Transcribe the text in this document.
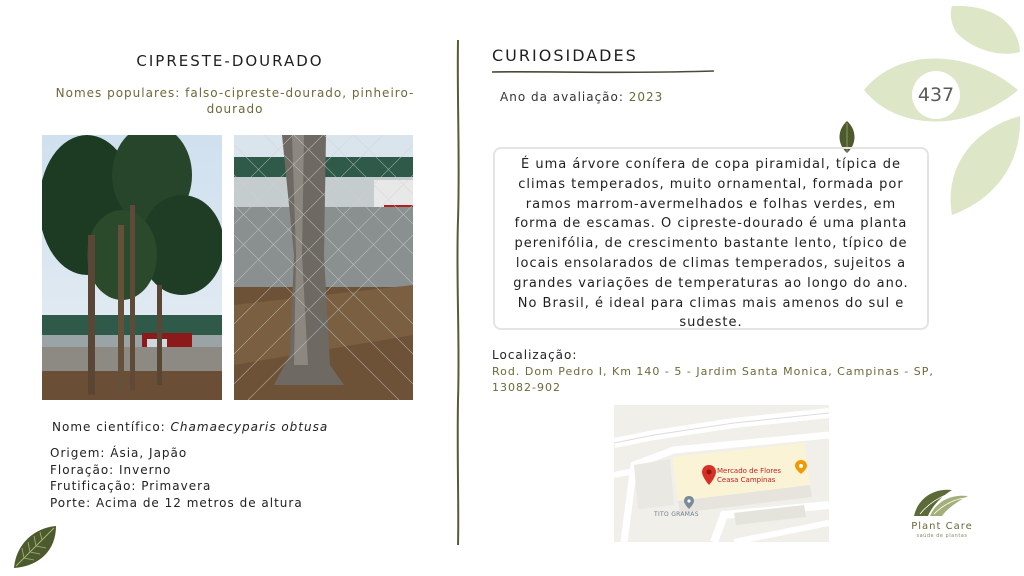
CIPRESTE-DOURADO
Nomes populares: falso-cipreste-dourado, pinheiro-dourado
Nome científico: Chamaecyparis obtusa
Origem: Ásia, Japão
Floração: Inverno
Frutificação: Primavera
Porte: Acima de 12 metros de altura
CURIOSIDADES
Ano da avaliação: 2023	437
É uma árvore conífera de copa piramidal, típica de climas temperados, muito ornamental, formada por ramos marrom-avermelhados e folhas verdes, em forma de escamas. O cipreste-dourado é uma planta perenifólia, de crescimento bastante lento, típico de locais ensolarados de climas temperados, sujeitos a grandes variações de temperaturas ao longo do ano. No Brasil, é ideal para climas mais amenos do sul e sudeste.
Localização:
Rod. Dom Pedro I, Km 140 - 5 - Jardim Santa Monica, Campinas - SP, 13082-902
Mercado de Flores
Ceasa Campinas
TITO GRAMAS
Plant Care
saúde de plantas
